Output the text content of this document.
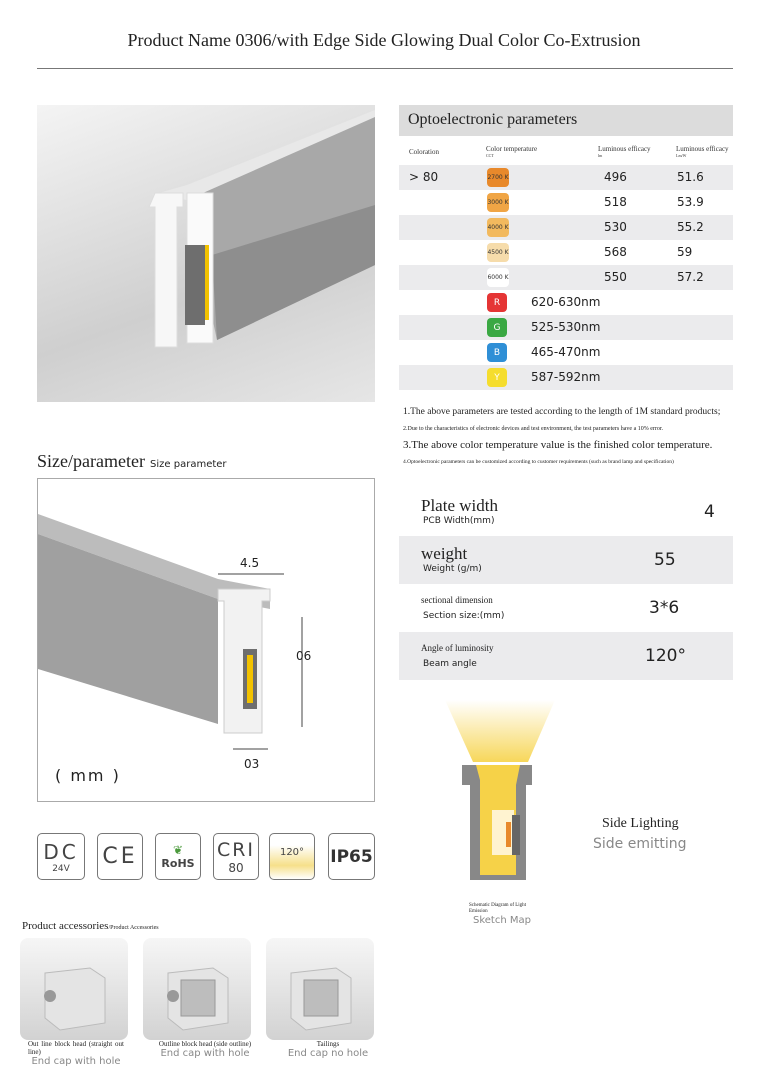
Product Name 0306/with Edge Side Glowing Dual Color Co-Extrusion
Optoelectronic parameters
Coloration	Color temperature
CCT
Luminous efficacy
lm
Luminous efficacy
Lm/W
> 80	2700 K	496	51.6
3000 K	518	53.9
4000 K	530	55.2
4500 K	568	59
6000 K	550	57.2
R	620-630nm
G	525-530nm
B	465-470nm
Y	587-592nm
1.The above parameters are tested according to the length of 1M standard products;
2.Due to the characteristics of electronic devices and test environment, the test parameters have a 10% error.
3.The above color temperature value is the finished color temperature.
4.Optoelectronic parameters can be customized according to customer requirements (such as brand lamp and specification)
Size/parameter Size parameter
4.5
06
03
( mm )
Plate width
PCB Width(mm)	4
weight
Weight (g/m)	55
sectional dimension
Section size:(mm)	3*6
Angle of luminosity
Beam angle	120°
DC
24V CE	❦
RoHS
CRI
80
120° IP65
Side Lighting
Side emitting
Schematic Diagram of Light Emission
Sketch Map
Product accessories/Product Accessories
Out line block head (straight out line)
End cap with hole
Outline block head (side outline)
End cap with hole
Tailings
End cap no hole
